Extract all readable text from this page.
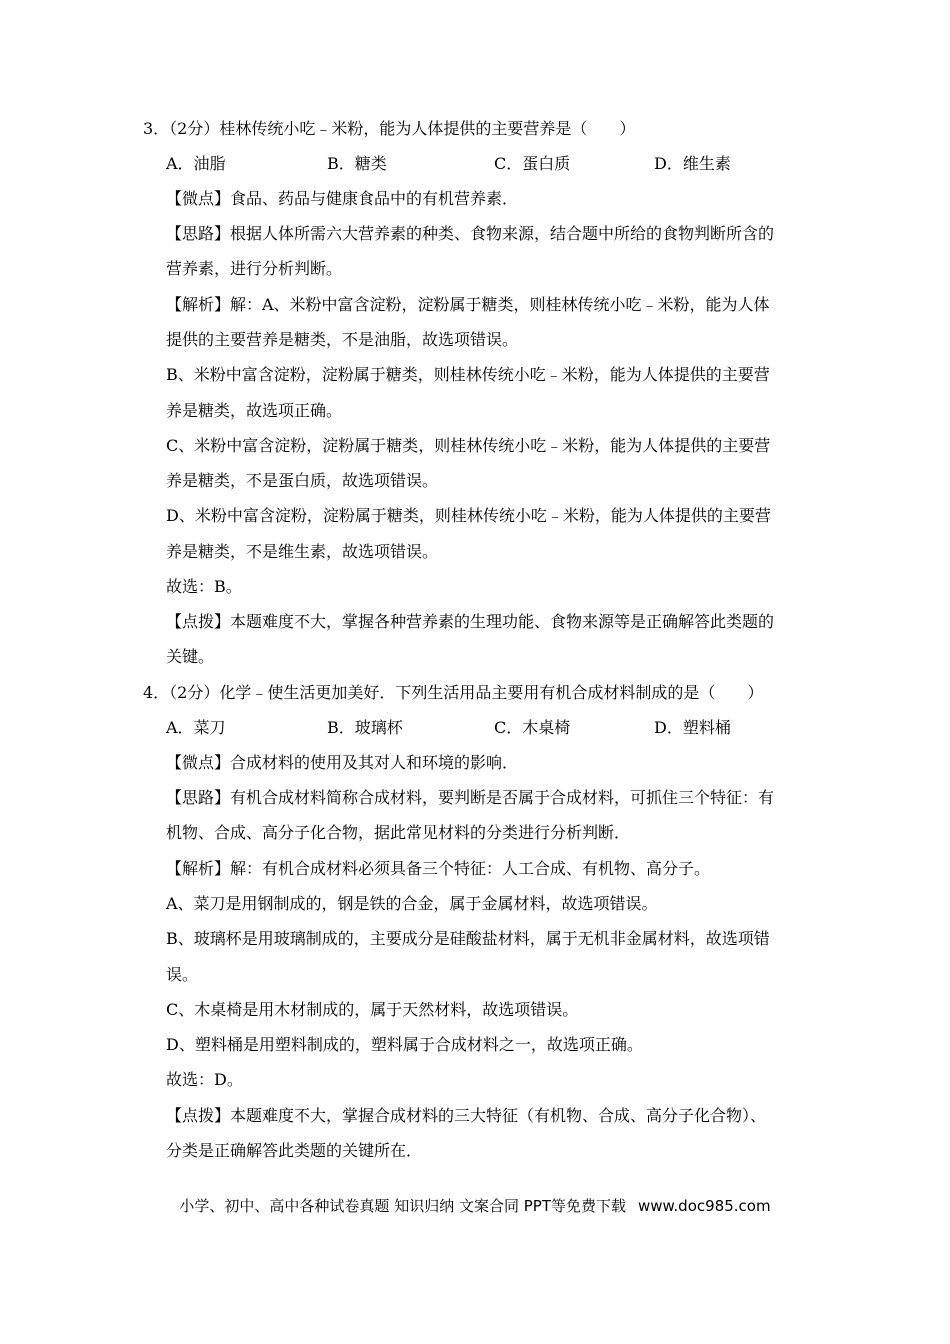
3．（2分）桂林传统小吃﹣米粉，能为人体提供的主要营养是（　　）
A．油脂	B．糖类	C．蛋白质	D．维生素
【微点】食品、药品与健康食品中的有机营养素．
【思路】根据人体所需六大营养素的种类、食物来源，结合题中所给的食物判断所含的
营养素，进行分析判断。
【解析】解：A、米粉中富含淀粉，淀粉属于糖类，则桂林传统小吃﹣米粉，能为人体
提供的主要营养是糖类，不是油脂，故选项错误。
B、米粉中富含淀粉，淀粉属于糖类，则桂林传统小吃﹣米粉，能为人体提供的主要营
养是糖类，故选项正确。
C、米粉中富含淀粉，淀粉属于糖类，则桂林传统小吃﹣米粉，能为人体提供的主要营
养是糖类，不是蛋白质，故选项错误。
D、米粉中富含淀粉，淀粉属于糖类，则桂林传统小吃﹣米粉，能为人体提供的主要营
养是糖类，不是维生素，故选项错误。
故选：B。
【点拨】本题难度不大，掌握各种营养素的生理功能、食物来源等是正确解答此类题的
关键。
4．（2分）化学﹣使生活更加美好．下列生活用品主要用有机合成材料制成的是（　　）
A．菜刀	B．玻璃杯	C．木桌椅	D．塑料桶
【微点】合成材料的使用及其对人和环境的影响．
【思路】有机合成材料简称合成材料，要判断是否属于合成材料，可抓住三个特征：有
机物、合成、高分子化合物，据此常见材料的分类进行分析判断．
【解析】解：有机合成材料必须具备三个特征：人工合成、有机物、高分子。
A、菜刀是用钢制成的，钢是铁的合金，属于金属材料，故选项错误。
B、玻璃杯是用玻璃制成的，主要成分是硅酸盐材料，属于无机非金属材料，故选项错
误。
C、木桌椅是用木材制成的，属于天然材料，故选项错误。
D、塑料桶是用塑料制成的，塑料属于合成材料之一，故选项正确。
故选：D。
【点拨】本题难度不大，掌握合成材料的三大特征（有机物、合成、高分子化合物）、
分类是正确解答此类题的关键所在．
小学、初中、高中各种试卷真题 知识归纳 文案合同 PPT等免费下载 www.doc985.com
